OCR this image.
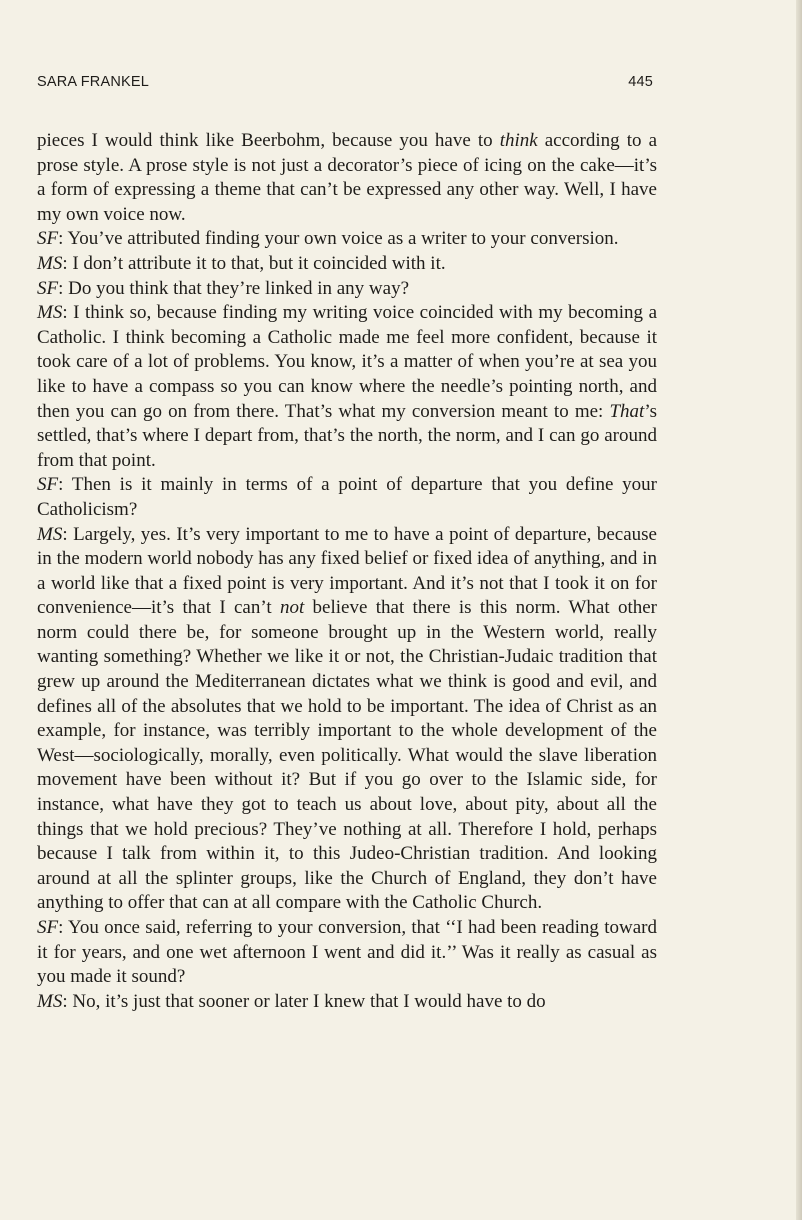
SARA FRANKEL	445

pieces I would think like Beerbohm, because you have to think according to a prose style. A prose style is not just a decorator’s piece of icing on the cake—it’s a form of expressing a theme that can’t be expressed any other way. Well, I have my own voice now.

SF: You’ve attributed finding your own voice as a writer to your conversion.

MS: I don’t attribute it to that, but it coincided with it.

SF: Do you think that they’re linked in any way?

MS: I think so, because finding my writing voice coincided with my becoming a Catholic. I think becoming a Catholic made me feel more confident, because it took care of a lot of problems. You know, it’s a matter of when you’re at sea you like to have a compass so you can know where the needle’s pointing north, and then you can go on from there. That’s what my conversion meant to me: That’s settled, that’s where I depart from, that’s the north, the norm, and I can go around from that point.

SF: Then is it mainly in terms of a point of departure that you define your Catholicism?

MS: Largely, yes. It’s very important to me to have a point of departure, because in the modern world nobody has any fixed belief or fixed idea of anything, and in a world like that a fixed point is very important. And it’s not that I took it on for convenience—it’s that I can’t not believe that there is this norm. What other norm could there be, for someone brought up in the Western world, really wanting something? Whether we like it or not, the Christian-Judaic tradition that grew up around the Mediterranean dictates what we think is good and evil, and defines all of the absolutes that we hold to be important. The idea of Christ as an example, for instance, was terribly important to the whole development of the West—sociologically, morally, even politically. What would the slave liberation movement have been without it? But if you go over to the Islamic side, for instance, what have they got to teach us about love, about pity, about all the things that we hold precious? They’ve nothing at all. Therefore I hold, perhaps because I talk from within it, to this Judeo-Christian tradition. And looking around at all the splinter groups, like the Church of England, they don’t have anything to offer that can at all compare with the Catholic Church.

SF: You once said, referring to your conversion, that ‘‘I had been reading toward it for years, and one wet afternoon I went and did it.’’ Was it really as casual as you made it sound?

MS: No, it’s just that sooner or later I knew that I would have to do
